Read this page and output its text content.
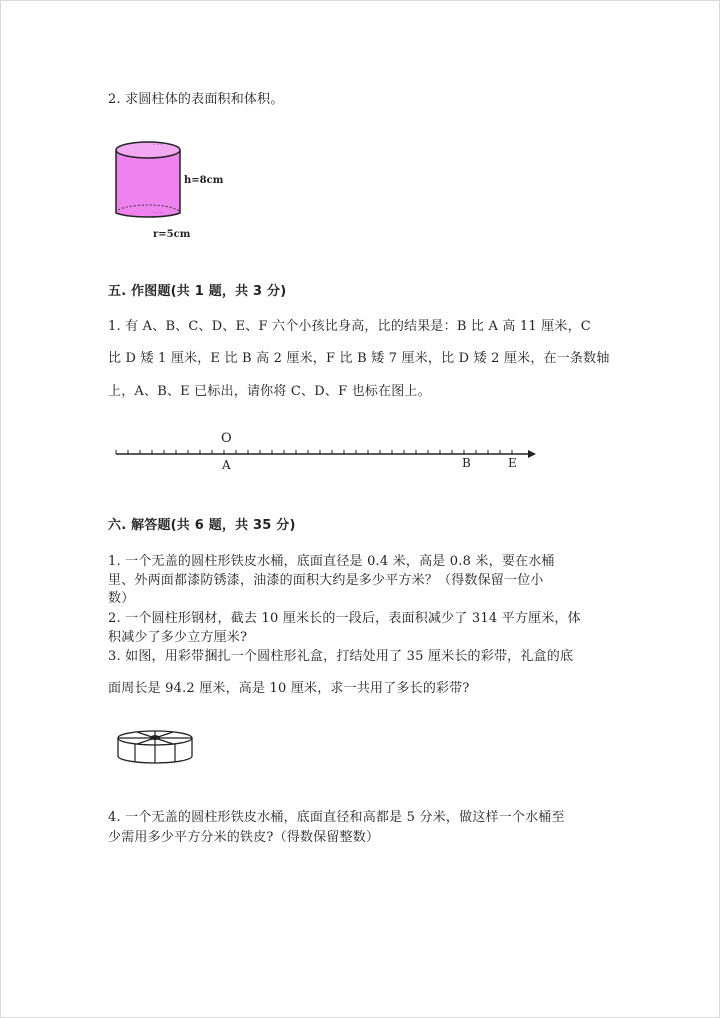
2. 求圆柱体的表面积和体积。
· · ·
· · ·
h=8cm
r=5cm
五. 作图题(共 1 题，共 3 分)
1. 有 A、B、C、D、E、F 六个小孩比身高，比的结果是：B 比 A 高 11 厘米，C
比 D 矮 1 厘米，E 比 B 高 2 厘米，F 比 B 矮 7 厘米，比 D 矮 2 厘米，在一条数轴
上，A、B、E 已标出，请你将 C、D、F 也标在图上。
O
A	B	E
六. 解答题(共 6 题，共 35 分)
1. 一个无盖的圆柱形铁皮水桶，底面直径是 0.4 米，高是 0.8 米，要在水桶
里、外两面都漆防锈漆，油漆的面积大约是多少平方米？（得数保留一位小
数）
2. 一个圆柱形钢材，截去 10 厘米长的一段后，表面积减少了 314 平方厘米，体
积减少了多少立方厘米?
3. 如图，用彩带捆扎一个圆柱形礼盒，打结处用了 35 厘米长的彩带，礼盒的底
面周长是 94.2 厘米，高是 10 厘米，求一共用了多长的彩带?
4. 一个无盖的圆柱形铁皮水桶，底面直径和高都是 5 分米，做这样一个水桶至
少需用多少平方分米的铁皮?（得数保留整数）
